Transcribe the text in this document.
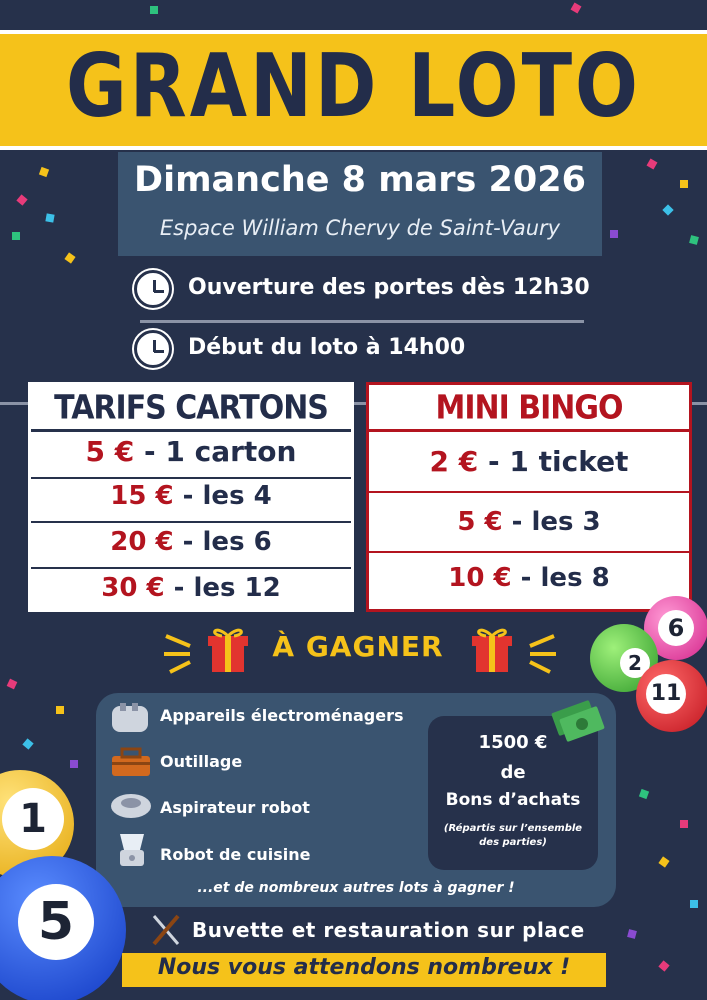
GRAND LOTO
Dimanche 8 mars 2026
Espace William Chervy de Saint-Vaury
Ouverture des portes dès 12h30
Début du loto à 14h00
TARIFS CARTONS
5 € - 1 carton
15 € - les 4
20 € - les 6
30 € - les 12
MINI BINGO
2 € - 1 ticket
5 € - les 3
10 € - les 8
À GAGNER
Appareils électroménagers
Outillage
Aspirateur robot
Robot de cuisine
1500 €
de
Bons d’achats
(Répartis sur l’ensemble des parties)
...et de nombreux autres lots à gagner !
Buvette et restauration sur place
Nous vous attendons nombreux !
6
2
11
1
5
